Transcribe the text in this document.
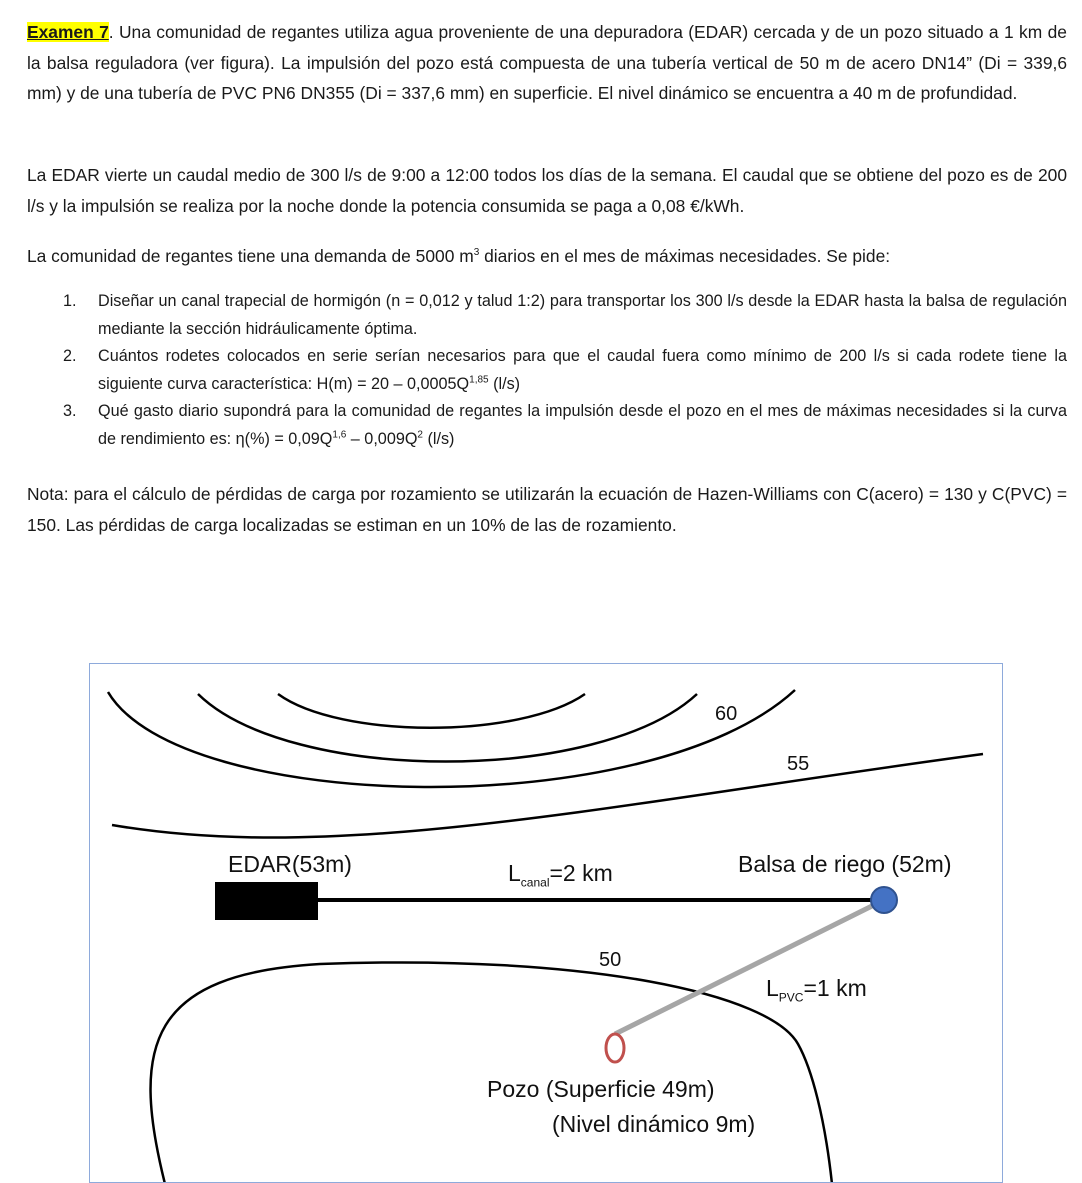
Examen 7. Una comunidad de regantes utiliza agua proveniente de una depuradora (EDAR) cercada y de un pozo situado a 1 km de la balsa reguladora (ver figura). La impulsión del pozo está compuesta de una tubería vertical de 50 m de acero DN14” (Di = 339,6 mm) y de una tubería de PVC PN6 DN355 (Di = 337,6 mm) en superficie. El nivel dinámico se encuentra a 40 m de profundidad.
La EDAR vierte un caudal medio de 300 l/s de 9:00 a 12:00 todos los días de la semana. El caudal que se obtiene del pozo es de 200 l/s y la impulsión se realiza por la noche donde la potencia consumida se paga a 0,08 €/kWh.
La comunidad de regantes tiene una demanda de 5000 $m^3$ diarios en el mes de máximas necesidades. Se pide:
1. Diseñar un canal trapecial de hormigón (n = 0,012 y talud 1:2) para transportar los 300 l/s desde la EDAR hasta la balsa de regulación mediante la sección hidráulicamente óptima.
2. Cuántos rodetes colocados en serie serían necesarios para que el caudal fuera como mínimo de 200 l/s si cada rodete tiene la siguiente curva característica: $H(m) = 20 - 0,0005Q^{1,85}$ (l/s)
3. Qué gasto diario supondrá para la comunidad de regantes la impulsión desde el pozo en el mes de máximas necesidades si la curva de rendimiento es: $\eta(\%) = 0,09Q^{1,6} - 0,009Q^2$ (l/s)
Nota: para el cálculo de pérdidas de carga por rozamiento se utilizarán la ecuación de Hazen-Williams con C(acero) = 130 y C(PVC) = 150. Las pérdidas de carga localizadas se estiman en un 10% de las de rozamiento.
60
55
50
EDAR(53m)	$L_{canal}=2$ km	Balsa de riego (52m)
$L_{PVC}=1$ km
Pozo (Superficie 49m)
(Nivel dinámico 9m)
